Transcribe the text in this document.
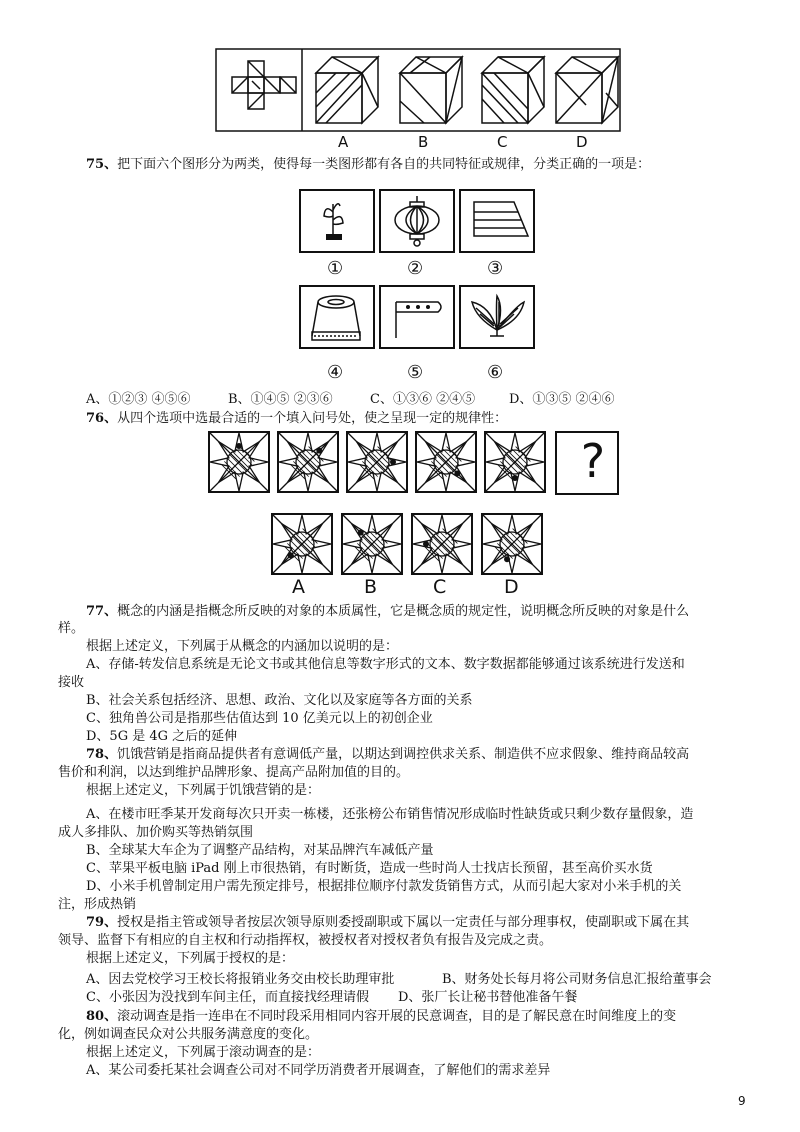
A	B	C	D
75、把下面六个图形分为两类，使得每一类图形都有各自的共同特征或规律，分类正确的一项是：
①	②	③
④	⑤	⑥
A、①②③ ④⑤⑥	B、①④⑤ ②③⑥	C、①③⑥ ②④⑤	D、①③⑤ ②④⑥
76、从四个选项中选最合适的一个填入问号处，使之呈现一定的规律性：
?
A	B	C	D
77、概念的内涵是指概念所反映的对象的本质属性，它是概念质的规定性，说明概念所反映的对象是什么
样。
根据上述定义，下列属于从概念的内涵加以说明的是：
A、存储-转发信息系统是无论文书或其他信息等数字形式的文本、数字数据都能够通过该系统进行发送和
接收
B、社会关系包括经济、思想、政治、文化以及家庭等各方面的关系
C、独角兽公司是指那些估值达到 10 亿美元以上的初创企业
D、5G 是 4G 之后的延伸
78、饥饿营销是指商品提供者有意调低产量，以期达到调控供求关系、制造供不应求假象、维持商品较高
售价和利润，以达到维护品牌形象、提高产品附加值的目的。
根据上述定义，下列属于饥饿营销的是：
A、在楼市旺季某开发商每次只开卖一栋楼，还张榜公布销售情况形成临时性缺货或只剩少数存量假象，造
成人多排队、加价购买等热销氛围
B、全球某大车企为了调整产品结构，对某品牌汽车减低产量
C、苹果平板电脑 iPad 刚上市很热销，有时断货，造成一些时尚人士找店长预留，甚至高价买水货
D、小米手机曾制定用户需先预定排号，根据排位顺序付款发货销售方式，从而引起大家对小米手机的关
注，形成热销
79、授权是指主管或领导者按层次领导原则委授副职或下属以一定责任与部分理事权，使副职或下属在其
领导、监督下有相应的自主权和行动指挥权，被授权者对授权者负有报告及完成之责。
根据上述定义，下列属于授权的是：
A、因去党校学习王校长将报销业务交由校长助理审批	B、财务处长每月将公司财务信息汇报给董事会
C、小张因为没找到车间主任，而直接找经理请假 D、张厂长让秘书替他准备午餐
80、滚动调查是指一连串在不同时段采用相同内容开展的民意调查，目的是了解民意在时间维度上的变
化，例如调查民众对公共服务满意度的变化。
根据上述定义，下列属于滚动调查的是：
A、某公司委托某社会调查公司对不同学历消费者开展调查，了解他们的需求差异
9
